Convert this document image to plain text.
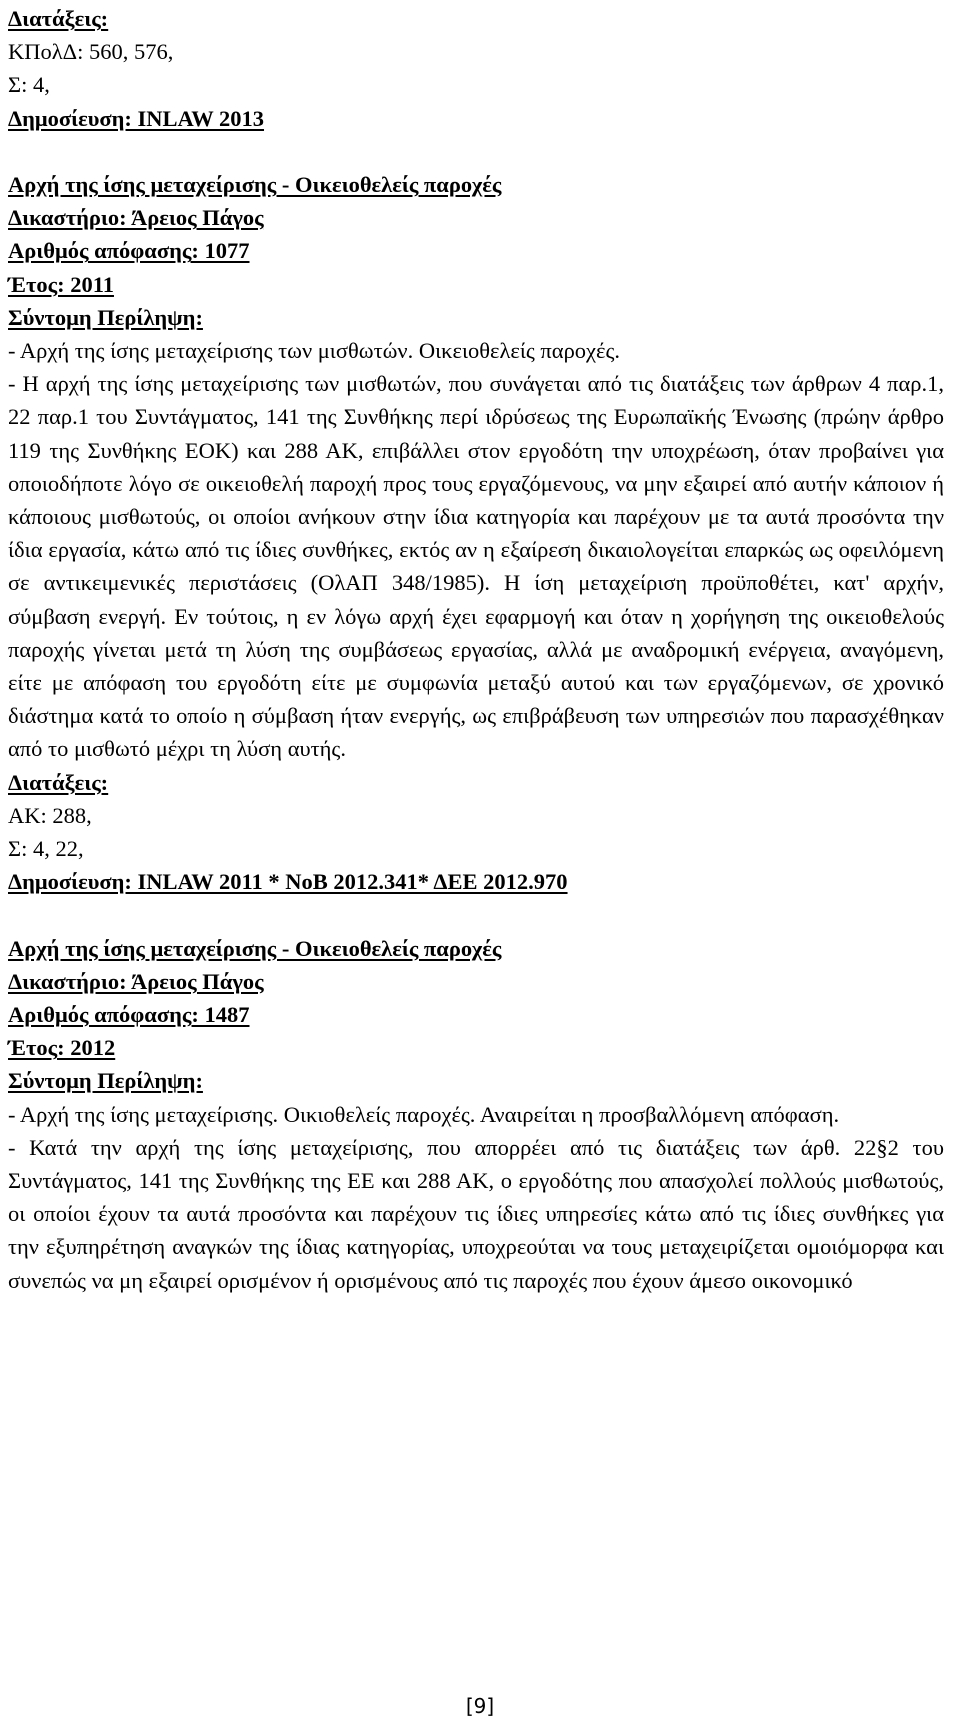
Διατάξεις:
ΚΠολΔ: 560, 576,
Σ: 4,
Δημοσίευση: INLAW 2013
Αρχή της ίσης μεταχείρισης - Οικειοθελείς παροχές
Δικαστήριο: Άρειος Πάγος
Αριθμός απόφασης: 1077
Έτος: 2011
Σύντομη Περίληψη:
- Αρχή της ίσης μεταχείρισης των μισθωτών. Οικειοθελείς παροχές.
- Η αρχή της ίσης μεταχείρισης των μισθωτών, που συνάγεται από τις διατάξεις των άρθρων 4 παρ.1, 22 παρ.1 του Συντάγματος, 141 της Συνθήκης περί ιδρύσεως της Ευρωπαϊκής Ένωσης (πρώην άρθρο 119 της Συνθήκης ΕΟΚ) και 288 ΑΚ, επιβάλλει στον εργοδότη την υποχρέωση, όταν προβαίνει για οποιοδήποτε λόγο σε οικειοθελή παροχή προς τους εργαζόμενους, να μην εξαιρεί από αυτήν κάποιον ή κάποιους μισθωτούς, οι οποίοι ανήκουν στην ίδια κατηγορία και παρέχουν με τα αυτά προσόντα την ίδια εργασία, κάτω από τις ίδιες συνθήκες, εκτός αν η εξαίρεση δικαιολογείται επαρκώς ως οφειλόμενη σε αντικειμενικές περιστάσεις (ΟλΑΠ 348/1985). Η ίση μεταχείριση προϋποθέτει, κατ' αρχήν, σύμβαση ενεργή. Εν τούτοις, η εν λόγω αρχή έχει εφαρμογή και όταν η χορήγηση της οικειοθελούς παροχής γίνεται μετά τη λύση της συμβάσεως εργασίας, αλλά με αναδρομική ενέργεια, αναγόμενη, είτε με απόφαση του εργοδότη είτε με συμφωνία μεταξύ αυτού και των εργαζόμενων, σε χρονικό διάστημα κατά το οποίο η σύμβαση ήταν ενεργής, ως επιβράβευση των υπηρεσιών που παρασχέθηκαν από το μισθωτό μέχρι τη λύση αυτής.
Διατάξεις:
ΑΚ: 288,
Σ: 4, 22,
Δημοσίευση: INLAW 2011 * ΝοΒ 2012.341* ΔΕΕ 2012.970
Αρχή της ίσης μεταχείρισης - Οικειοθελείς παροχές
Δικαστήριο: Άρειος Πάγος
Αριθμός απόφασης: 1487
Έτος: 2012
Σύντομη Περίληψη:
- Αρχή της ίσης μεταχείρισης. Οικιοθελείς παροχές. Αναιρείται η προσβαλλόμενη απόφαση.
- Κατά την αρχή της ίσης μεταχείρισης, που απορρέει από τις διατάξεις των άρθ. 22§2 του Συντάγματος, 141 της Συνθήκης της ΕΕ και 288 ΑΚ, ο εργοδότης που απασχολεί πολλούς μισθωτούς, οι οποίοι έχουν τα αυτά προσόντα και παρέχουν τις ίδιες υπηρεσίες κάτω από τις ίδιες συνθήκες για την εξυπηρέτηση αναγκών της ίδιας κατηγορίας, υποχρεούται να τους μεταχειρίζεται ομοιόμορφα και συνεπώς να μη εξαιρεί ορισμένον ή ορισμένους από τις παροχές που έχουν άμεσο οικονομικό
[9]
